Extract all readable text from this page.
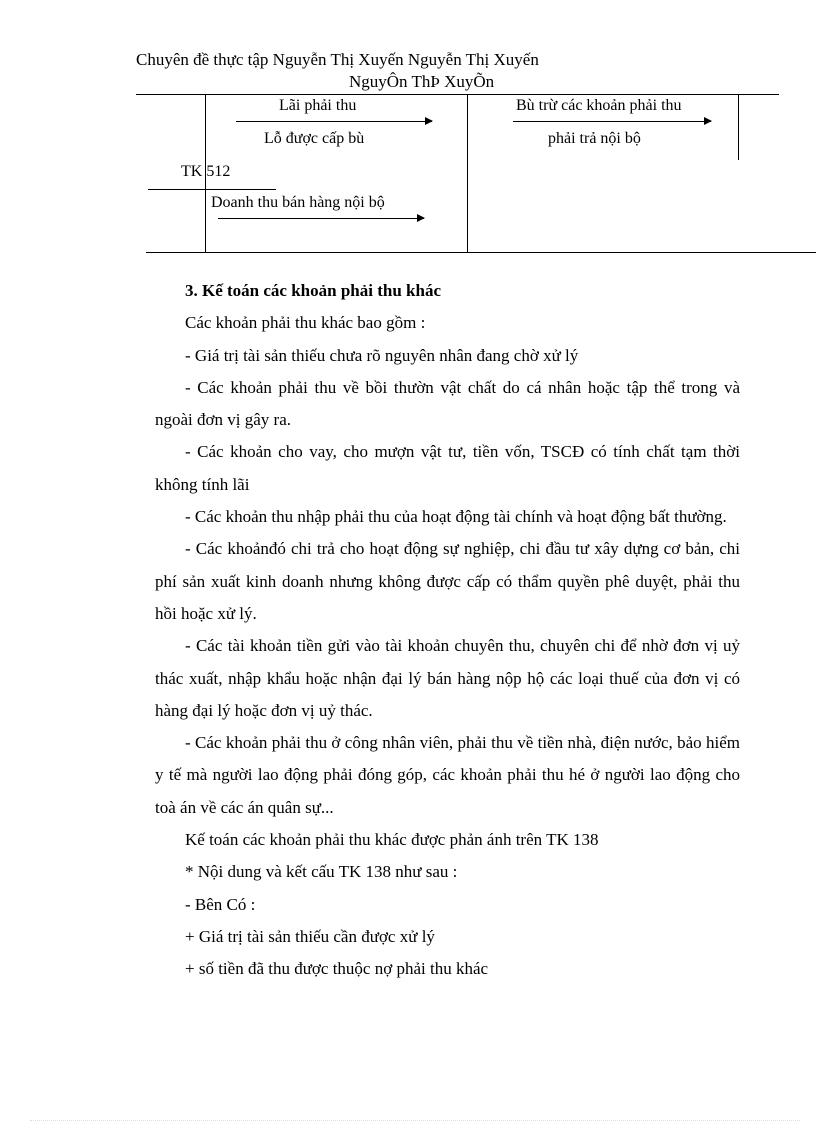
Chuyên đề thực tập Nguyễn Thị Xuyến Nguyễn Thị Xuyến
NguyÔn ThÞ XuyÕn
Lãi phải thu
Lỗ được cấp bù
Bù trừ các khoản phải thu
phải trả nội bộ
TK 512
Doanh thu bán hàng nội bộ

3. Kế toán các khoản phải thu khác

Các khoản phải thu khác bao gồm :

- Giá trị tài sản thiếu chưa rõ nguyên nhân đang chờ xử lý

- Các khoản phải thu về bồi thườn vật chất do cá nhân hoặc tập thể trong và ngoài đơn vị gây ra.

- Các khoản cho vay, cho mượn vật tư, tiền vốn, TSCĐ có tính chất tạm thời không tính lãi

- Các khoản thu nhập phải thu của hoạt động tài chính và hoạt động bất thường.

- Các khoảnđó chi trả cho hoạt động sự nghiệp, chi đầu tư xây dựng cơ bản, chi phí sản xuất kinh doanh nhưng không được cấp có thẩm quyền phê duyệt, phải thu hồi hoặc xử lý.

- Các tài khoản tiền gửi vào tài khoản chuyên thu, chuyên chi để nhờ đơn vị uỷ thác xuất, nhập khẩu hoặc nhận đại lý bán hàng nộp hộ các loại thuế của đơn vị có hàng đại lý hoặc đơn vị uỷ thác.

- Các khoản phải thu ở công nhân viên, phải thu về tiền nhà, điện nước, bảo hiểm y tế mà người lao động phải đóng góp, các khoản phải thu hé ở người lao động cho toà án về các án quân sự...

Kế toán các khoản phải thu khác được phản ánh trên TK 138

* Nội dung và kết cấu TK 138 như sau :

- Bên Có :

+ Giá trị tài sản thiếu cần được xử lý

+ số tiền đã thu được thuộc nợ phải thu khác
